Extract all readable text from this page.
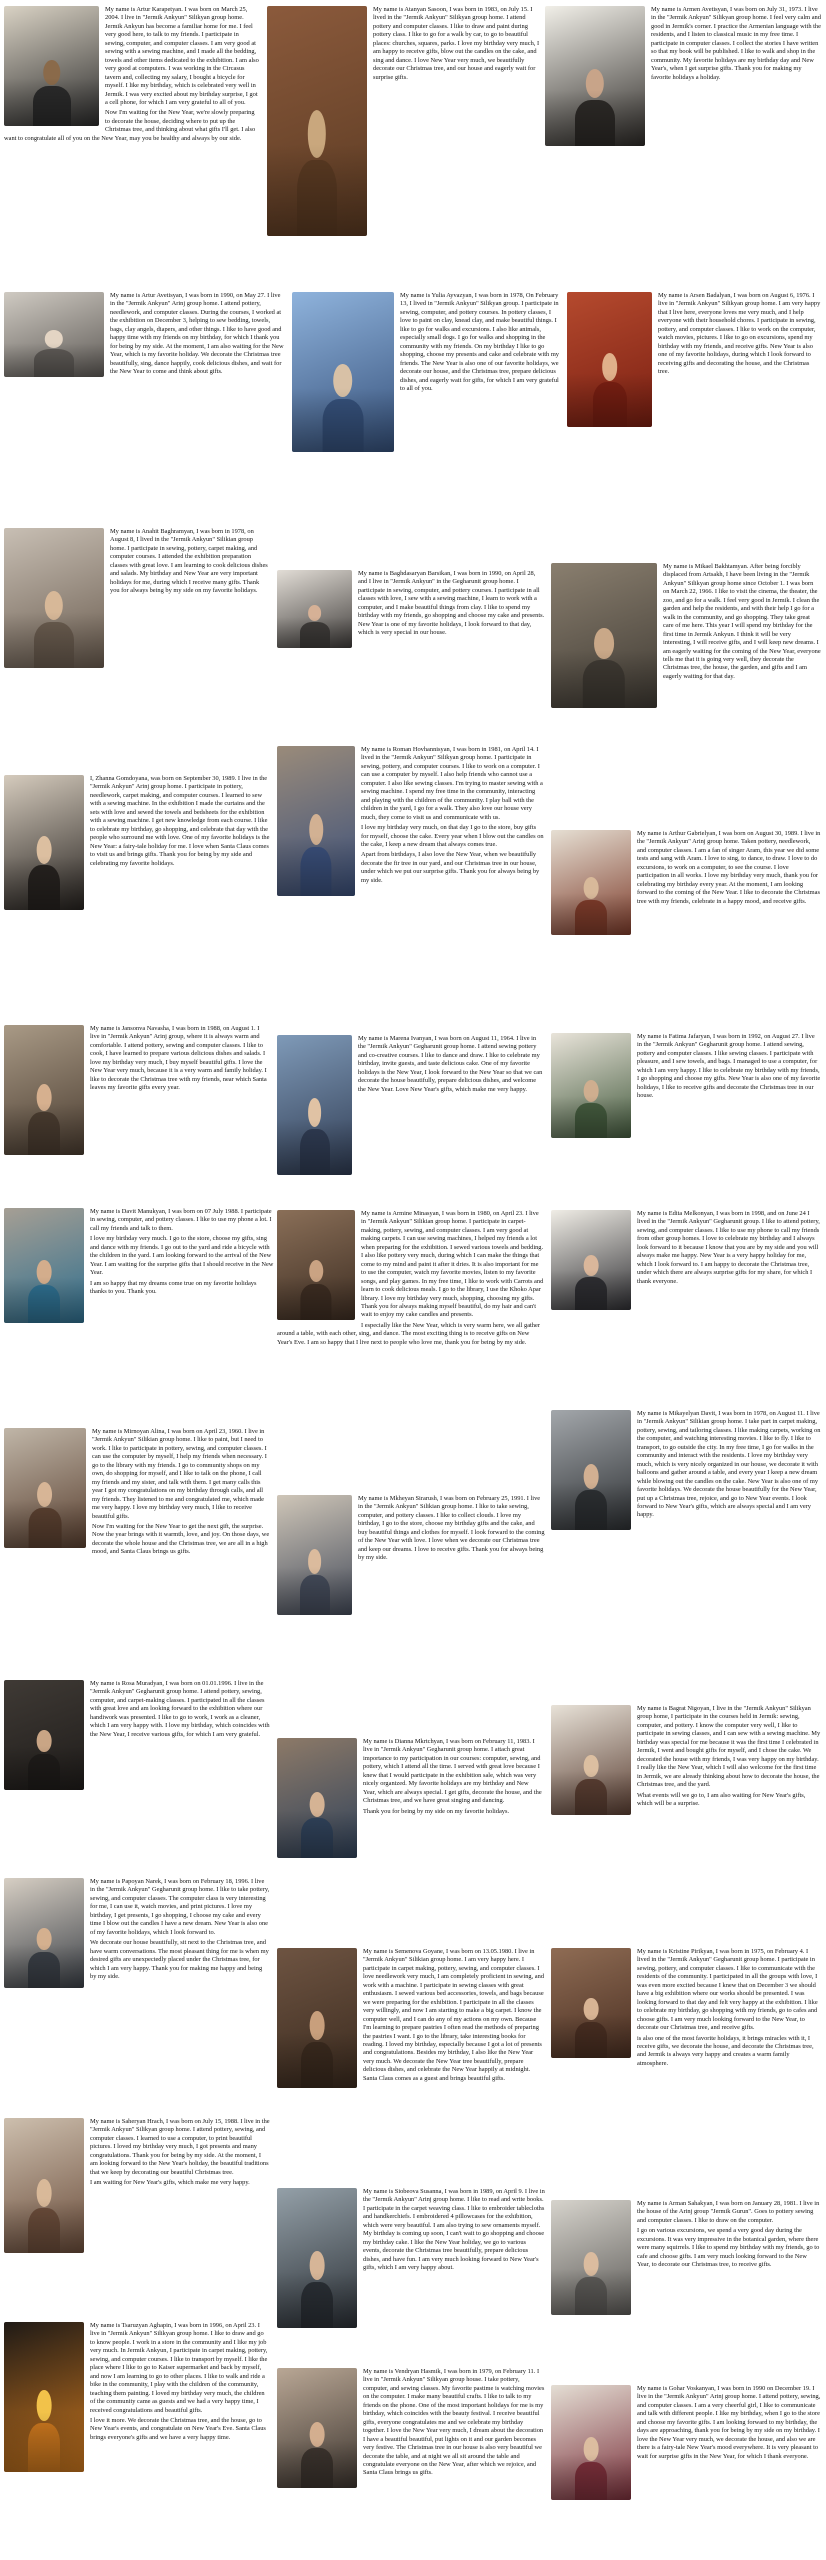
My name is Artur Karapetyan. I was born on March 25, 2004. I live in "Jermik Ankyun" Silikyan group home. Jermik Ankyun has become a familiar home for me. I feel very good here, to talk to my friends. I participate in sewing, computer, and computer classes. I am very good at sewing with a sewing machine, and I made all the bedding, towels and other items dedicated to the exhibition. I am also very good at computers. I was working in the Circasus tavern and, collecting my salary, I bought a bicycle for myself. I like my birthday, which is celebrated very well in Jermik. I was very excited about my birthday surprise, I got a cell phone, for which I am very grateful to all of you.

Now I'm waiting for the New Year, we're slowly preparing to decorate the house, deciding where to put up the Christmas tree, and thinking about what gifts I'll get. I also want to congratulate all of you on the New Year, may you be healthy and always by our side.

My name is Atanyan Sasoon, I was born in 1983, on July 15. I lived in the "Jermik Ankyun" Silikyan group home. I attend pottery and computer classes. I like to draw and paint during pottery class. I like to go for a walk by car, to go to beautiful places: churches, squares, parks. I love my birthday very much, I am happy to receive gifts, blow out the candles on the cake, and sing and dance. I love New Year very much, we beautifully decorate our Christmas tree, and our house and eagerly wait for surprise gifts.

My name is Armen Avetisyan, I was born on July 31, 1973. I live in the "Jermik Ankyun" Silikyan group home. I feel very calm and good in Jermik's corner. I practice the Armenian language with the residents, and I listen to classical music in my free time. I participate in computer classes. I collect the stories I have written so that my book will be published. I like to walk and shop in the community. My favorite holidays are my birthday day and New Year's, when I get surprise gifts. Thank you for making my favorite holidays a holiday.

My name is Artur Avetisyan, I was born in 1990, on May 27. I live in the "Jermik Ankyun" Arinj group home. I attend pottery, needlework, and computer classes. During the courses, I worked at the exhibition on December 3, helping to sew bedding, towels, bags, clay angels, diapers, and other things. I like to have good and happy time with my friends on my birthday, for which I thank you for being by my side. At the moment, I am also waiting for the New Year, which is my favorite holiday. We decorate the Christmas tree beautifully, sing, dance happily, cook delicious dishes, and wait for the New Year to come and think about gifts.

My name is Yulia Ayvazyan, I was born in 1978, On February 13, I lived in "Jermik Ankyun" Silikyan group. I participate in sewing, computer, and pottery courses. In pottery classes, I love to paint on clay, knead clay, and make beautiful things. I like to go for walks and excursions. I also like animals, especially small dogs. I go for walks and shopping in the community with my friends. On my birthday I like to go shopping, choose my presents and cake and celebrate with my friends. The New Year is also one of our favorite holidays, we decorate our house, and the Christmas tree, prepare delicious dishes, and eagerly wait for gifts, for which I am very grateful to all of you.

My name is Arsen Badalyan, I was born on August 6, 1976. I live in "Jermik Ankyun" Silikyan group home. I am very happy that I live here, everyone loves me very much, and I help everyone with their household chores. I participate in sewing, pottery, and computer classes. I like to work on the computer, watch movies, pictures. I like to go on excursions, spend my birthday with my friends, and receive gifts. New Year is also one of my favorite holidays, during which I look forward to receiving gifts and decorating the house, and the Christmas tree.

My name is Anahit Baghramyan, I was born in 1978, on August 8, I lived in the "Jermik Ankyun" Silikian group home. I participate in sewing, pottery, carpet making, and computer courses. I attended the exhibition preparation classes with great love. I am learning to cook delicious dishes and salads. My birthday and New Year are very important holidays for me, during which I receive many gifts. Thank you for always being by my side on my favorite holidays.

My name is Baghdasaryan Barsikan, I was born in 1990, on April 28, and I live in "Jermik Ankyun" in the Gegharunit group home. I participate in sewing, computer, and pottery courses. I participate in all classes with love, I sew with a sewing machine, I learn to work with a computer, and I make beautiful things from clay. I like to spend my birthday with my friends, go shopping and choose my cake and presents. New Year is one of my favorite holidays, I look forward to that day, which is very special in our house.

My name is Mikael Bakhtamyan. After being forcibly displaced from Artsakh, I have been living in the "Jermik Ankyun" Silikyan group home since October 1. I was born on March 22, 1966. I like to visit the cinema, the theater, the zoo, and go for a walk. I feel very good in Jermik. I clean the garden and help the residents, and with their help I go for a walk in the community, and go shopping. They take great care of me here. This year I will spend my birthday for the first time in Jermik Ankyun. I think it will be very interesting, I will receive gifts, and I will keep new dreams. I am eagerly waiting for the coming of the New Year, everyone tells me that it is going very well, they decorate the Christmas tree, the house, the garden, and gifts and I am eagerly waiting for that day.

I, Zhanna Gomdoyana, was born on September 30, 1989. I live in the "Jermik Ankyun" Arinj group home. I participate in pottery, needlework, carpet making, and computer courses. I learned to sew with a sewing machine. In the exhibition I made the curtains and the sets with love and sewed the towels and bedsheets for the exhibition with a sewing machine. I get new knowledge from each course. I like to celebrate my birthday, go shopping, and celebrate that day with the people who surround me with love. One of my favorite holidays is the New Year: a fairy-tale holiday for me. I love when Santa Claus comes to visit us and brings gifts. Thank you for being by my side and celebrating my favorite holidays.

My name is Roman Hovhannisyan, I was born in 1981, on April 14. I lived in the "Jermik Ankyun" Silikyan group home. I participate in sewing, pottery, and computer courses. I like to work on a computer. I can use a computer by myself. I also help friends who cannot use a computer. I also like sewing classes. I'm trying to master sewing with a sewing machine. I spend my free time in the community, interacting and playing with the children of the community. I play ball with the children in the yard, I go for a walk. They also love our house very much, they come to visit us and communicate with us.

I love my birthday very much, on that day I go to the store, buy gifts for myself, choose the cake. Every year when I blow out the candles on the cake, I keep a new dream that always comes true.

Apart from birthdays, I also love the New Year, when we beautifully decorate the fir tree in our yard, and our Christmas tree in our house, under which we put our surprise gifts. Thank you for always being by my side.

My name is Arthur Gabrielyan, I was born on August 30, 1989. I live in the "Jermik Ankyun" Arinj group home. Taken pottery, needlework, and computer classes. I am a fan of singer Aram, this year we did some tests and sang with Aram. I love to sing, to dance, to draw. I love to do excursions, to work on a computer, to see the course. I love participation in all works. I love my birthday very much, thank you for celebrating my birthday every year. At the moment, I am looking forward to the coming of the New Year. I like to decorate the Christmas tree with my friends, celebrate in a happy mood, and receive gifts.

My name is Jansonva Navasha, I was born in 1988, on August 1. I live in "Jermik Ankyun" Arinj group, where it is always warm and comfortable. I attend pottery, sewing and computer classes. I like to cook, I have learned to prepare various delicious dishes and salads. I love my birthday very much, I buy myself beautiful gifts. I love the New Year very much, because it is a very warm and family holiday. I like to decorate the Christmas tree with my friends, near which Santa leaves my favorite gifts every year.

My name is Marena Ivanyan, I was born on August 11, 1964. I live in the "Jermik Ankyun" Gegharunit group home. I attend sewing pottery and co-creative courses. I like to dance and draw. I like to celebrate my birthday, invite guests, and taste delicious cake. One of my favorite holidays is the New Year, I look forward to the New Year so that we can decorate the house beautifully, prepare delicious dishes, and welcome the New Year. Love New Year's gifts, which make me very happy.

My name is Fatima Jafaryan, I was born in 1992, on August 27. I live in the "Jermik Ankyun" Gegharunit group home. I attend sewing, pottery and computer classes. I like sewing classes. I participate with pleasure, and I sew towels, and bags. I managed to use a computer, for which I am very happy. I like to celebrate my birthday with my friends, I go shopping and choose my gifts. New Year is also one of my favorite holidays, I like to receive gifts and decorate the Christmas tree in our house.

My name is Davit Manukyan, I was born on 07 July 1988. I participate in sewing, computer, and pottery classes. I like to use my phone a lot. I call my friends and talk to them.

I love my birthday very much. I go to the store, choose my gifts, sing and dance with my friends. I go out to the yard and ride a bicycle with the children in the yard. I am looking forward to the arrival of the New Year. I am waiting for the surprise gifts that I should receive in the New Year.

I am so happy that my dreams come true on my favorite holidays thanks to you. Thank you.

My name is Armine Minasyan, I was born in 1980, on April 23. I live in "Jermik Ankyun" Silikian group home. I participate in carpet-making, pottery, sewing, and computer classes. I am very good at making carpets. I can use sewing machines, I helped my friends a lot when preparing for the exhibition. I sewed various towels and bedding. I also like pottery very much, during which I can make the things that come to my mind and paint it after it dries. It is also important for me to use the computer, watch my favorite movies, listen to my favorite songs, and play games. In my free time, I like to work with Carrots and learn to cook delicious meals. I go to the library, I use the Khoko Apar library. I love my birthday very much, shopping, choosing my gifts. Thank you for always making myself beautiful, do my hair and can't wait to enjoy my cake candles and presents.

I especially like the New Year, which is very warm here, we all gather around a table, with each other, sing, and dance. The most exciting thing is to receive gifts on New Year's Eve. I am so happy that I live next to people who love me, thank you for being by my side.

My name is Edita Melkonyan, I was born in 1998, and on June 24 I lived in the "Jermik Ankyun" Gegharunit group. I like to attend pottery, sewing, and computer classes. I like to use my phone to call my friends from other group homes. I love to celebrate my birthday and I always look forward to it because I know that you are by my side and you will always make me happy. New Year is a very happy holiday for me, which I look forward to. I am happy to decorate the Christmas tree, under which there are always surprise gifts for my share, for which I thank everyone.

My name is Mirnoyan Alina, I was born on April 23, 1960. I live in "Jermik Ankyun" Silikian group home. I like to paint, but I need to work. I like to participate in pottery, sewing, and computer classes. I can use the computer by myself, I help my friends when necessary. I go to the library with my friends. I go to community shops on my own, do shopping for myself, and I like to talk on the phone, I call my friends and my sister, and talk with them. I get many calls this year I got my congratulations on my birthday through calls, and all my friends. They listened to me and congratulated me, which made me very happy. I love my birthday very much, I like to receive beautiful gifts.

Now I'm waiting for the New Year to get the next gift, the surprise. Now the year brings with it warmth, love, and joy. On those days, we decorate the whole house and the Christmas tree, we are all in a high mood, and Santa Claus brings us gifts.

My name is Mkheyan Sirarush, I was born on February 25, 1991. I live in the "Jermik Ankyun" Silikian group home. I like to take sewing, computer, and pottery classes. I like to collect clouds. I love my birthday, I go to the store, choose my birthday gifts and the cake, and buy beautiful things and clothes for myself. I look forward to the coming of the New Year with love. I love when we decorate our Christmas tree and keep our dreams. I love to receive gifts. Thank you for always being by my side.

My name is Mikayelyan Davit, I was born in 1978, on August 11. I live in "Jermik Ankyun" Silikian group home. I take part in carpet making, pottery, sewing, and tailoring classes. I like making carpets, working on the computer, and watching interesting movies. I like to fly. I like to transport, to go outside the city. In my free time, I go for walks in the community and interact with the residents. I love my birthday very much, which is very nicely organized in our house, we decorate it with balloons and gather around a table, and every year I keep a new dream while blowing out the candles on the cake. New Year is also one of my favorite holidays. We decorate the house beautifully for the New Year, put up a Christmas tree, rejoice, and go to New Year events. I look forward to New Year's gifts, which are always special and I am very happy.

My name is Rosa Muradyan, I was born on 01.01.1996. I live in the "Jermik Ankyun" Gegharunit group home. I attend pottery, sewing, computer, and carpet-making classes. I participated in all the classes with great love and am looking forward to the exhibition where our handiwork was presented. I like to go to work, I work as a cleaner, which I am very happy with. I love my birthday, which coincides with the New Year, I receive various gifts, for which I am very grateful.

My name is Dianna Mkrtchyan, I was born on February 11, 1983. I live in "Jermik Ankyun" Gegharunit group home. I attach great importance to my participation in our courses: computer, sewing, and pottery, which I attend all the time. I served with great love because I knew that I would participate in the exhibition sale, which was very nicely organized. My favorite holidays are my birthday and New Year, which are always special. I get gifts, decorate the house, and the Christmas tree, and we have great singing and dancing.

Thank you for being by my side on my favorite holidays.

My name is Bagrat Nigoyan, I live in the "Jermik Ankyun" Silikyan group home, I participate in the courses held in Jermik: sewing, computer, and pottery. I know the computer very well, I like to participate in sewing classes, and I can sew with a sewing machine. My birthday was special for me because it was the first time I celebrated in Jermik, I went and bought gifts for myself, and I chose the cake. We decorated the house with my friends, I was very happy on my birthday. I really like the New Year, which I will also welcome for the first time in Jermik, we are already thinking about how to decorate the house, the Christmas tree, and the yard.

What events will we go to, I am also waiting for New Year's gifts, which will be a surprise.

My name is Papoyan Narek, I was born on February 18, 1996. I live in the "Jermik Ankyun" Gegharunit group home. I like to take pottery, sewing, and computer classes. The computer class is very interesting for me, I can use it, watch movies, and print pictures. I love my birthday, I get presents, I go shopping, I choose my cake and every time I blow out the candles I have a new dream. New Year is also one of my favorite holidays, which I look forward to.

We decorate our house beautifully, sit next to the Christmas tree, and have warm conversations. The most pleasant thing for me is when my desired gifts are unexpectedly placed under the Christmas tree, for which I am very happy. Thank you for making me happy and being by my side.

My name is Semenova Goyane, I was born on 13.05.1980. I live in "Jermik Ankyun" Silikian group home. I am very happy here. I participate in carpet making, pottery, sewing, and computer classes. I love needlework very much, I am completely proficient in sewing, and work with a machine. I participate in sewing classes with great enthusiasm. I sewed various bed accessories, towels, and bags because we were preparing for the exhibition. I participate in all the classes very willingly, and now I am starting to make a big carpet. I know the computer well, and I can do any of my actions on my own. Because I'm learning to prepare pastries I often read the methods of preparing the pastries I want. I go to the library, take interesting books for reading. I loved my birthday, especially because I got a lot of presents and congratulations. Besides my birthday, I also like the New Year very much. We decorate the New Year tree beautifully, prepare delicious dishes, and celebrate the New Year happily at midnight. Santa Claus comes as a guest and brings beautiful gifts.

My name is Kristine Pirikyan, I was born in 1975, on February 4. I lived in the "Jermik Ankyun" Gegharunit group home. I participate in sewing, pottery, and computer classes. I like to communicate with the residents of the community. I participated in all the groups with love, I was even more excited because I knew that on December 3 we should have a big exhibition where our works should be presented. I was looking forward to that day and felt very happy at the exhibition. I like to celebrate my birthday, go shopping with my friends, go to cafes and choose gifts. I am very much looking forward to the New Year, to decorate our Christmas tree, and receive gifts.

is also one of the most favorite holidays, it brings miracles with it, I receive gifts, we decorate the house, and decorate the Christmas tree, and Jermik is always very happy and creates a warm family atmosphere.

My name is Saheryan Hrach, I was born on July 15, 1988. I live in the "Jermik Ankyun" Silikyan group home. I attend pottery, sewing, and computer classes. I learned to use a computer, to print beautiful pictures. I loved my birthday very much, I got presents and many congratulations. Thank you for being by my side. At the moment, I am looking forward to the New Year's holiday, the beautiful traditions that we keep by decorating our beautiful Christmas tree.

I am waiting for New Year's gifts, which make me very happy.

My name is Siobeova Susanna, I was born in 1989, on April 9. I live in the "Jermik Ankyun" Arinj group home. I like to read and write books. I participate in the carpet weaving class. I like to embroider tablecloths and handkerchiefs. I embroidered 4 pillowcases for the exhibition, which were very beautiful. I am also trying to sew ornaments myself. My birthday is coming up soon, I can't wait to go shopping and choose my birthday cake. I like the New Year holiday, we go to various events, decorate the Christmas tree beautifully, prepare delicious dishes, and have fun. I am very much looking forward to New Year's gifts, which I am very happy about.

My name is Arman Sahakyan, I was born on January 28, 1981. I live in the house of the Arinj group "Jermik Gurun". Goes to pottery sewing and computer classes. I like to draw on the computer.

I go on various excursions, we spend a very good day during the excursions. It was very impressive in the botanical garden, where there were many squirrels. I like to spend my birthday with my friends, go to cafe and choose gifts. I am very much looking forward to the New Year, to decorate our Christmas tree, to receive gifts.

My name is Tsaruzyan Aghapin, I was born in 1996, on April 23. I live in "Jermik Ankyun" Silikyan group home. I like to draw and go to know people. I work in a store in the community and I like my job very much. In Jermik Ankyun, I participate in carpet making, pottery, sewing, and computer courses. I like to transport by myself. I like the place where I like to go to Kaiser supermarket and back by myself, and now I am learning to go to other places. I like to walk and ride a bike in the community, I play with the children of the community, teaching them painting. I loved my birthday very much, the children of the community came as guests and we had a very happy time, I received congratulations and beautiful gifts.

I love it more. We decorate the Christmas tree, and the house, go to New Year's events, and congratulate on New Year's Eve. Santa Claus brings everyone's gifts and we have a very happy time.

My name is Vendryan Hasmik, I was born in 1979, on February 11. I live in "Jermik Ankyun" Silikyan group house. I take pottery, computer, and sewing classes. My favorite pastime is watching movies on the computer. I make many beautiful crafts. I like to talk to my friends on the phone. One of the most important holidays for me is my birthday, which coincides with the beauty festival. I receive beautiful gifts, everyone congratulates me and we celebrate my birthday together. I love the New Year very much, I dream about the decoration I have a beautiful beautiful, put lights on it and our garden becomes very festive. The Christmas tree in our house is also very beautiful we decorate the table, and at night we all sit around the table and congratulate everyone on the New Year, after which we rejoice, and Santa Claus brings us gifts.

My name is Gohar Voskanyan, I was born in 1990 on December 19. I live in the "Jermik Ankyun" Arinj group home. I attend pottery, sewing, and computer classes. I am a very cheerful girl, I like to communicate and talk with different people. I like my birthday, when I go to the store and choose my favorite gifts. I am looking forward to my birthday, the days are approaching, thank you for being by my side on my birthday. I love the New Year very much, we decorate the house, and also we are there is a fairy-tale New Year's mood everywhere. It is very pleasant to wait for surprise gifts in the New Year, for which I thank everyone.
